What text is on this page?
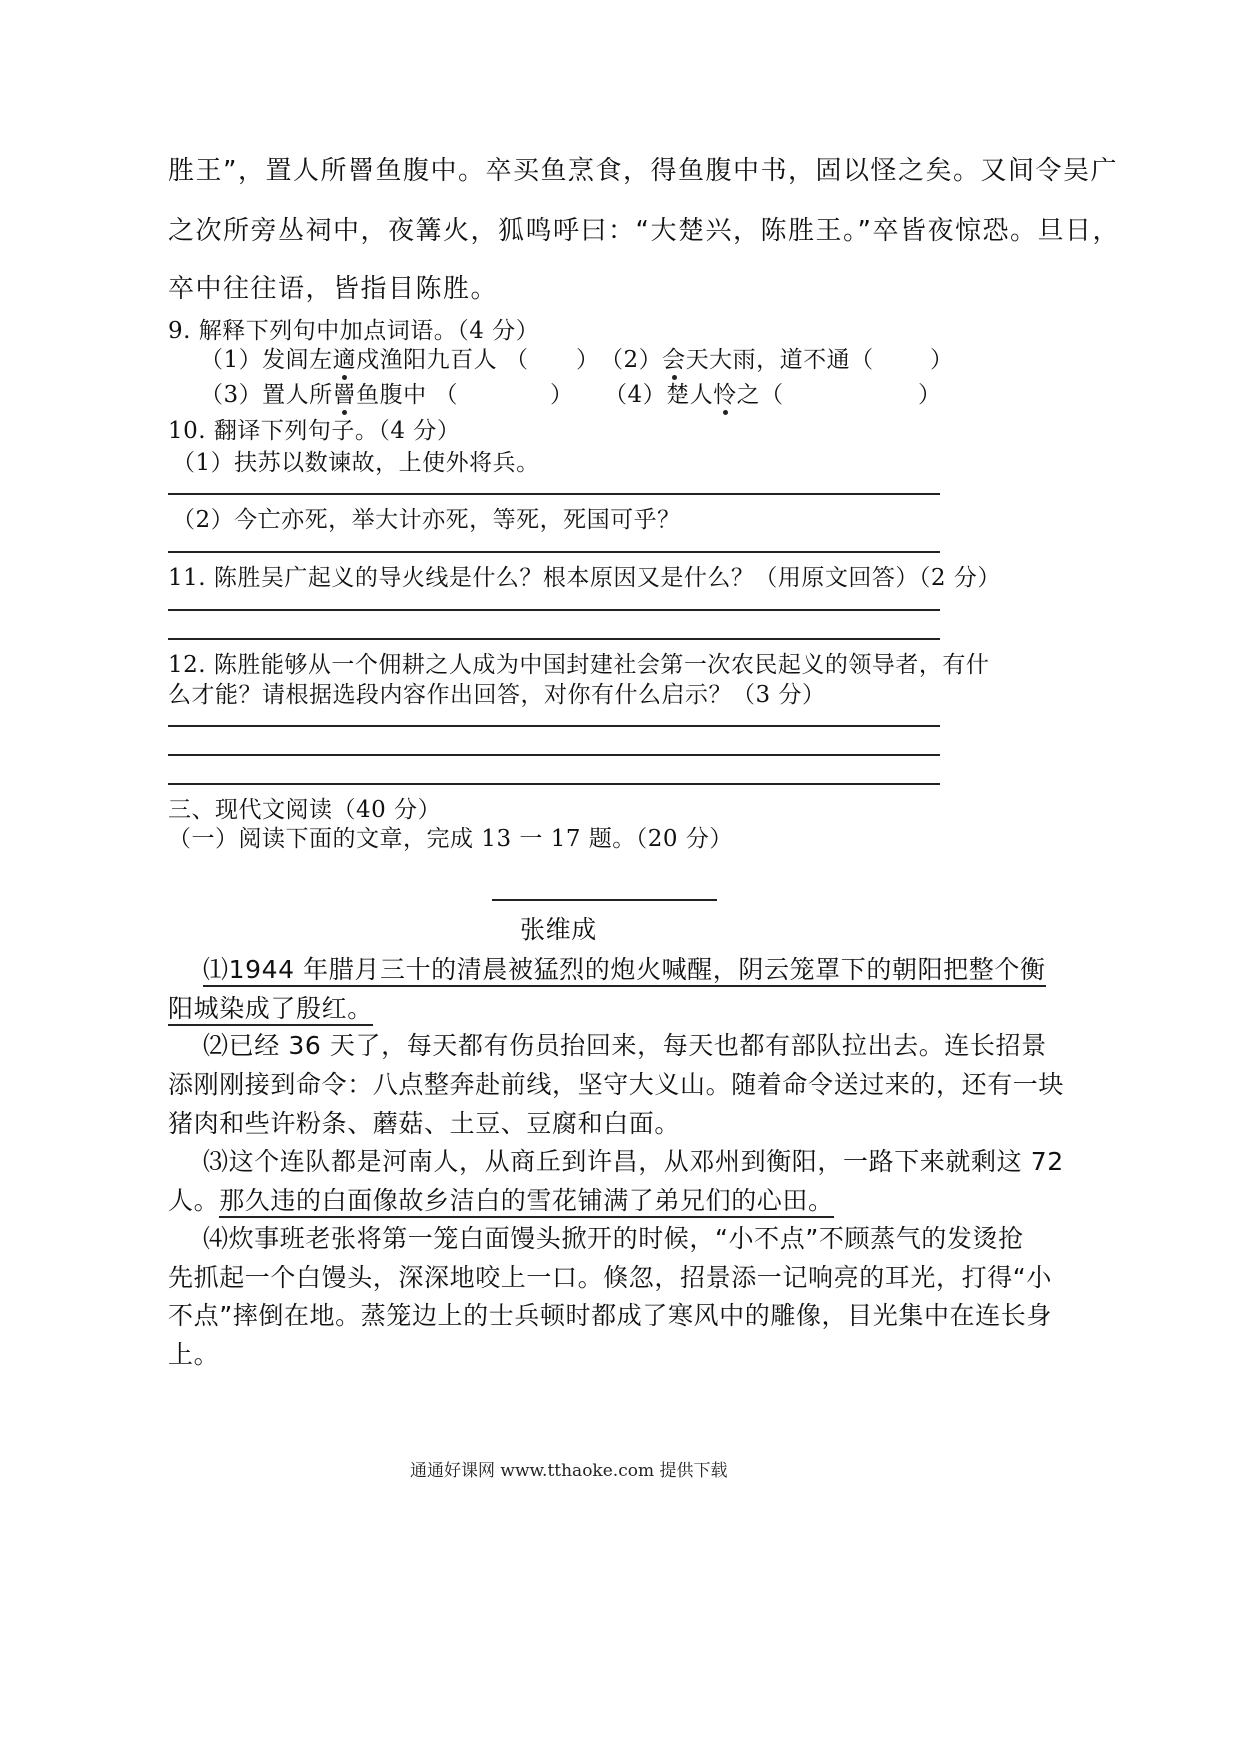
胜王”，置人所罾鱼腹中。卒买鱼烹食，得鱼腹中书，固以怪之矣。又间令吴广
之次所旁丛祠中，夜篝火，狐鸣呼曰：“大楚兴，陈胜王。”卒皆夜惊恐。旦日，
卒中往往语，皆指目陈胜。
9. 解释下列句中加点词语。（4 分）
（1）发闾左適戍渔阳九百人 （ ） （2）会天大雨，道不通（ ）
（3）置人所罾鱼腹中 （	） （4）楚人怜之（	）
10. 翻译下列句子。（4 分）
（1）扶苏以数谏故，上使外将兵。
（2）今亡亦死，举大计亦死，等死，死国可乎？
11. 陈胜吴广起义的导火线是什么？根本原因又是什么？（用原文回答）（2 分）
12. 陈胜能够从一个佣耕之人成为中国封建社会第一次农民起义的领导者，有什
么才能？请根据选段内容作出回答，对你有什么启示？（3 分）
三、现代文阅读（40 分）
（一）阅读下面的文章，完成 13 一 17 题。（20 分）
张维成
⑴1944 年腊月三十的清晨被猛烈的炮火喊醒，阴云笼罩下的朝阳把整个衡
阳城染成了殷红。
⑵已经 36 天了，每天都有伤员抬回来，每天也都有部队拉出去。连长招景
添刚刚接到命令：八点整奔赴前线，坚守大义山。随着命令送过来的，还有一块
猪肉和些许粉条、蘑菇、土豆、豆腐和白面。
⑶这个连队都是河南人，从商丘到许昌，从邓州到衡阳，一路下来就剩这 72
人。那久违的白面像故乡洁白的雪花铺满了弟兄们的心田。
⑷炊事班老张将第一笼白面馒头掀开的时候，“小不点”不顾蒸气的发烫抢
先抓起一个白馒头，深深地咬上一口。倏忽，招景添一记响亮的耳光，打得“小
不点”摔倒在地。蒸笼边上的士兵顿时都成了寒风中的雕像，目光集中在连长身
上。
通通好课网 www.tthaoke.com 提供下载
